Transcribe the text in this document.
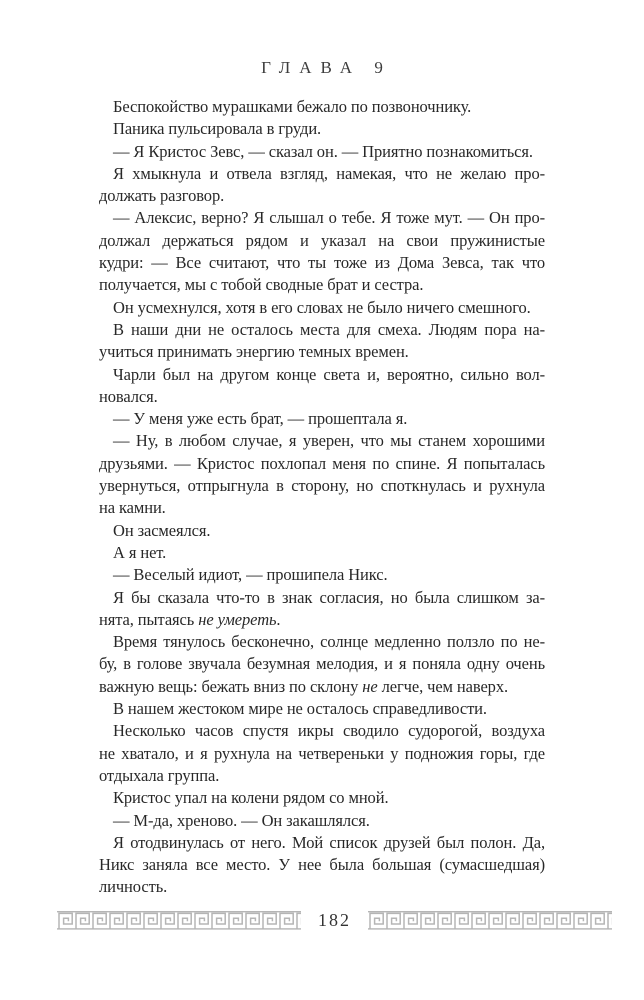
ГЛАВА 9

Беспокойство мурашками бежало по позвоночнику.

Паника пульсировала в груди.

— Я Кристос Зевс, — сказал он. — Приятно познакомиться.

Я хмыкнула и отвела взгляд, намекая, что не желаю про-
должать разговор.

— Алексис, верно? Я слышал о тебе. Я тоже мут. — Он про-
должал держаться рядом и указал на свои пружинистые
кудри: — Все считают, что ты тоже из Дома Зевса, так что
получается, мы с тобой сводные брат и сестра.

Он усмехнулся, хотя в его словах не было ничего смешного.

В наши дни не осталось места для смеха. Людям пора на-
учиться принимать энергию темных времен.

Чарли был на другом конце света и, вероятно, сильно вол-
новался.

— У меня уже есть брат, — прошептала я.

— Ну, в любом случае, я уверен, что мы станем хорошими
друзьями. — Кристос похлопал меня по спине. Я попыталась
увернуться, отпрыгнула в сторону, но споткнулась и рухнула
на камни.

Он засмеялся.

А я нет.

— Веселый идиот, — прошипела Никс.

Я бы сказала что-то в знак согласия, но была слишком за-
нята, пытаясь не умереть.

Время тянулось бесконечно, солнце медленно ползло по не-
бу, в голове звучала безумная мелодия, и я поняла одну очень
важную вещь: бежать вниз по склону не легче, чем наверх.

В нашем жестоком мире не осталось справедливости.

Несколько часов спустя икры сводило судорогой, воздуха
не хватало, и я рухнула на четвереньки у подножия горы, где
отдыхала группа.

Кристос упал на колени рядом со мной.

— М-да, хреново. — Он закашлялся.

Я отодвинулась от него. Мой список друзей был полон. Да,
Никс заняла все место. У нее была большая (сумасшедшая)
личность.

182
